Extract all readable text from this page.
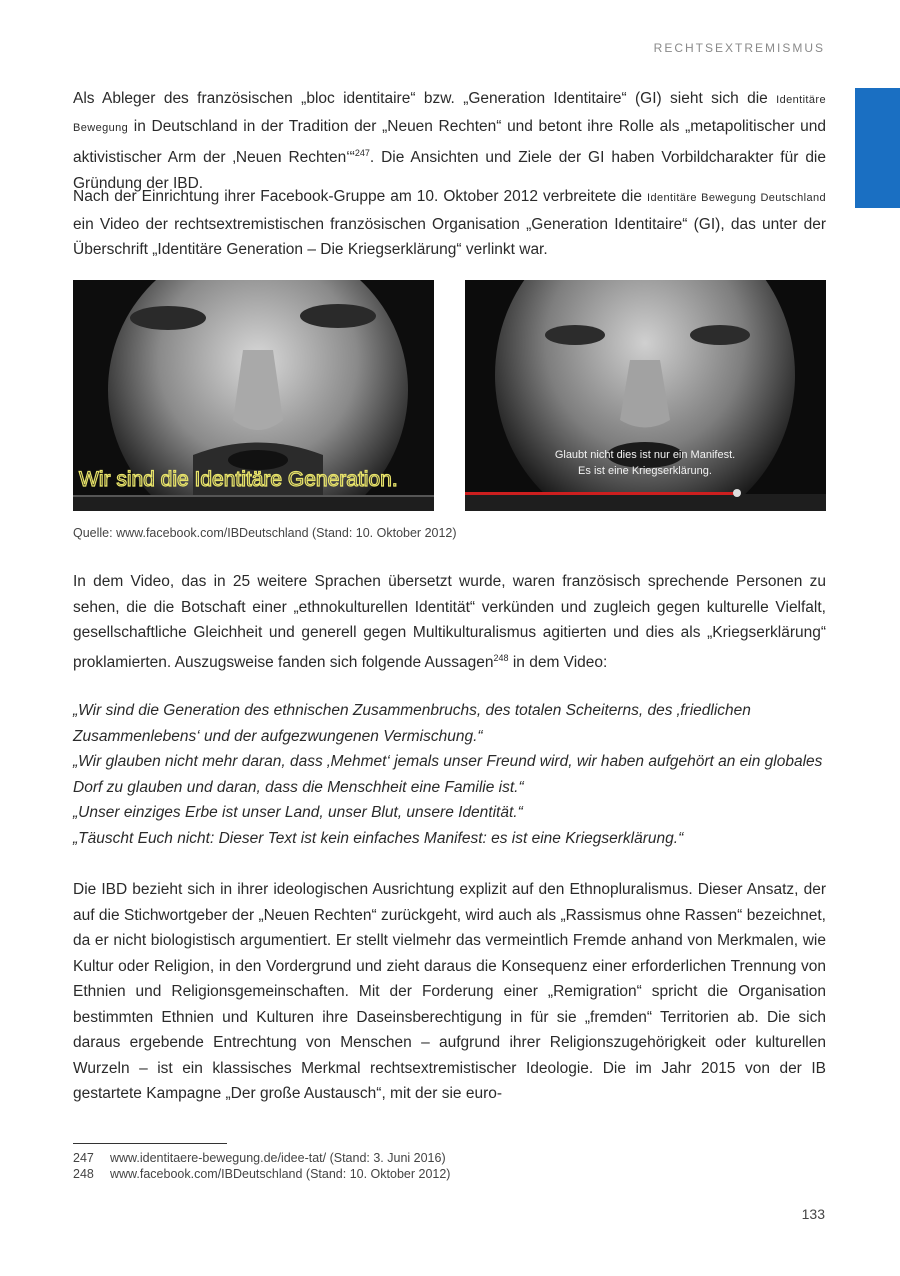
RECHTSEXTREMISMUS

Als Ableger des französischen „bloc identitaire“ bzw. „Generation Identitaire“ (GI) sieht sich die Identitäre Bewegung in Deutschland in der Tradition der „Neuen Rechten“ und betont ihre Rolle als „metapolitischer und aktivistischer Arm der ‚Neuen Rechten‘“$^{247}$. Die Ansichten und Ziele der GI haben Vorbildcharakter für die Gründung der IBD.

Nach der Einrichtung ihrer Facebook-Gruppe am 10. Oktober 2012 verbreitete die Identitäre Bewegung Deutschland ein Video der rechtsextremistischen französischen Organisation „Generation Identitaire“ (GI), das unter der Überschrift „Identitäre Generation – Die Kriegserklärung“ verlinkt war.

Wir sind die Identitäre Generation.
Glaubt nicht dies ist nur ein Manifest.
Es ist eine Kriegserklärung.
Quelle: www.facebook.com/IBDeutschland (Stand: 10. Oktober 2012)

In dem Video, das in 25 weitere Sprachen übersetzt wurde, waren französisch sprechende Personen zu sehen, die die Botschaft einer „ethnokulturellen Identität“ verkünden und zugleich gegen kulturelle Vielfalt, gesellschaftliche Gleichheit und generell gegen Multikulturalismus agitierten und dies als „Kriegserklärung“ proklamierten. Auszugsweise fanden sich folgende Aussagen$^{248}$ in dem Video:

„Wir sind die Generation des ethnischen Zusammenbruchs, des totalen Scheiterns, des ‚friedlichen Zusammenlebens‘ und der aufgezwungenen Vermischung.“
„Wir glauben nicht mehr daran, dass ‚Mehmet‘ jemals unser Freund wird, wir haben aufgehört an ein globales Dorf zu glauben und daran, dass die Menschheit eine Familie ist.“
„Unser einziges Erbe ist unser Land, unser Blut, unsere Identität.“
„Täuscht Euch nicht: Dieser Text ist kein einfaches Manifest: es ist eine Kriegserklärung.“

Die IBD bezieht sich in ihrer ideologischen Ausrichtung explizit auf den Ethnopluralismus. Dieser Ansatz, der auf die Stichwortgeber der „Neuen Rechten“ zurückgeht, wird auch als „Rassismus ohne Rassen“ bezeichnet, da er nicht biologistisch argumentiert. Er stellt vielmehr das vermeintlich Fremde anhand von Merkmalen, wie Kultur oder Religion, in den Vordergrund und zieht daraus die Konsequenz einer erforderlichen Trennung von Ethnien und Religionsgemeinschaften. Mit der Forderung einer „Remigration“ spricht die Organisation bestimmten Ethnien und Kulturen ihre Daseinsberechtigung in für sie „fremden“ Territorien ab. Die sich daraus ergebende Entrechtung von Menschen – aufgrund ihrer Religionszugehörigkeit oder kulturellen Wurzeln – ist ein klassisches Merkmal rechtsextremistischer Ideologie. Die im Jahr 2015 von der IB gestartete Kampagne „Der große Austausch“, mit der sie euro-

247 www.identitaere-bewegung.de/idee-tat/ (Stand: 3. Juni 2016)
248 www.facebook.com/IBDeutschland (Stand: 10. Oktober 2012)
133
